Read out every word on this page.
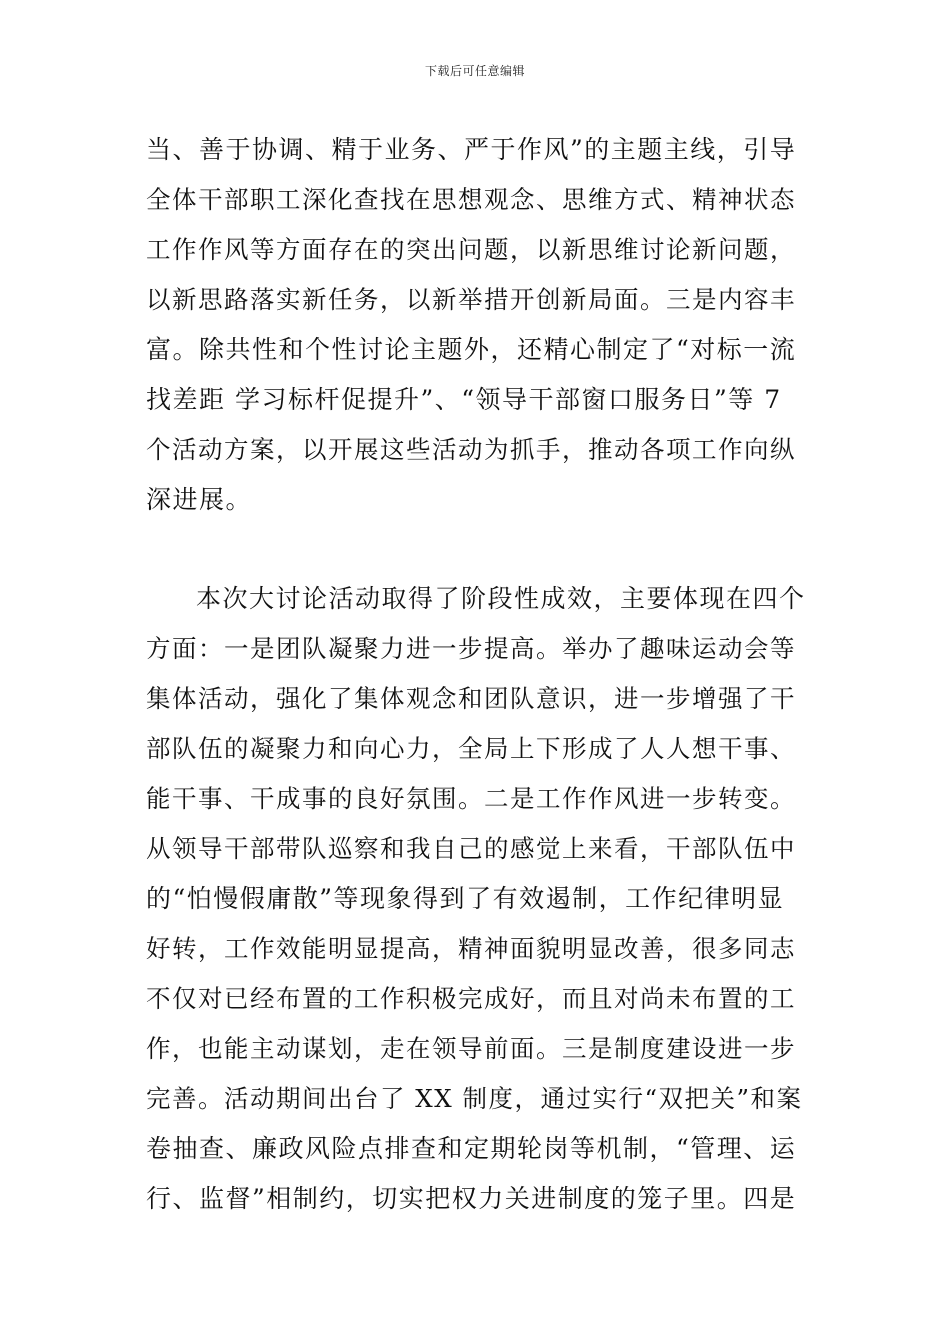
下载后可任意编辑
当、善于协调、精于业务、严于作风”的主题主线，引导
全体干部职工深化查找在思想观念、思维方式、精神状态
工作作风等方面存在的突出问题，以新思维讨论新问题，
以新思路落实新任务，以新举措开创新局面。三是内容丰
富。除共性和个性讨论主题外，还精心制定了“对标一流
找差距 学习标杆促提升”、“领导干部窗口服务日”等 7
个活动方案，以开展这些活动为抓手，推动各项工作向纵
深进展。
本次大讨论活动取得了阶段性成效，主要体现在四个
方面：一是团队凝聚力进一步提高。举办了趣味运动会等
集体活动，强化了集体观念和团队意识，进一步增强了干
部队伍的凝聚力和向心力，全局上下形成了人人想干事、
能干事、干成事的良好氛围。二是工作作风进一步转变。
从领导干部带队巡察和我自己的感觉上来看，干部队伍中
的“怕慢假庸散”等现象得到了有效遏制，工作纪律明显
好转，工作效能明显提高，精神面貌明显改善，很多同志
不仅对已经布置的工作积极完成好，而且对尚未布置的工
作，也能主动谋划，走在领导前面。三是制度建设进一步
完善。活动期间出台了 XX 制度，通过实行“双把关”和案
卷抽查、廉政风险点排查和定期轮岗等机制，“管理、运
行、监督”相制约，切实把权力关进制度的笼子里。四是
